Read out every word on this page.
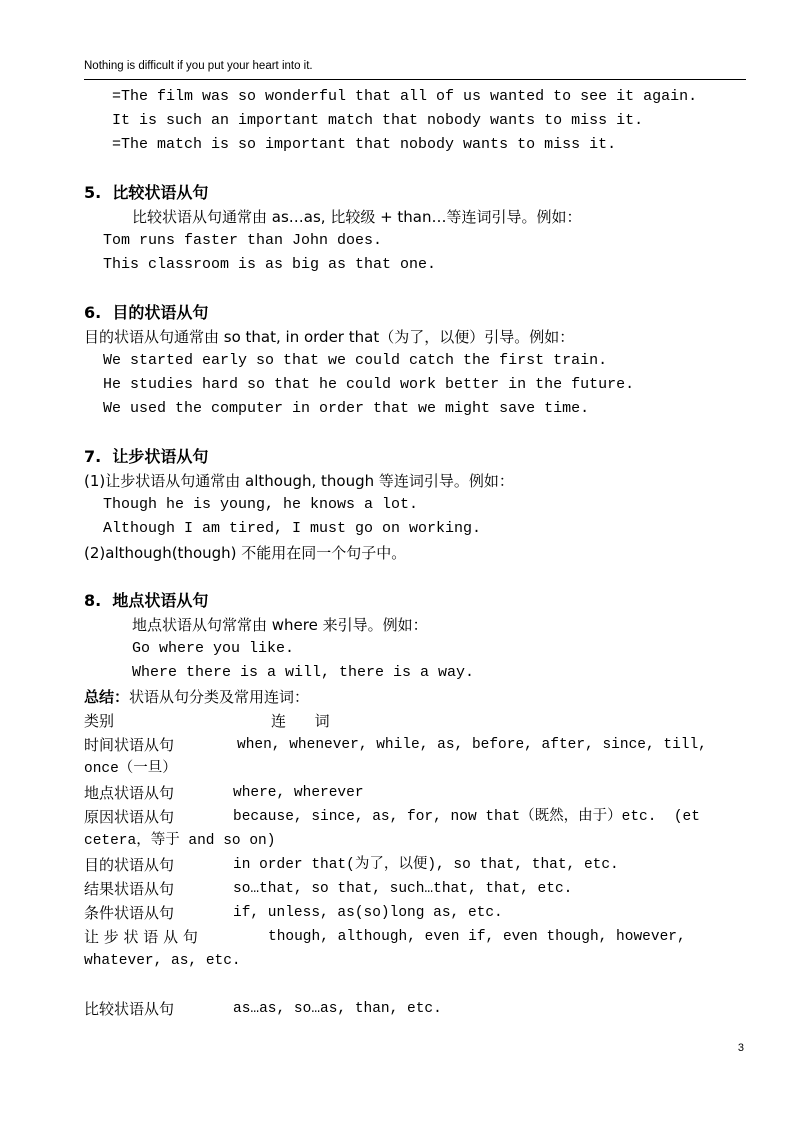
Nothing is difficult if you put your heart into it.
=The film was so wonderful that all of us wanted to see it again.
It is such an important match that nobody wants to miss it.
=The match is so important that nobody wants to miss it.
5.  比较状语从句
比较状语从句通常由 as…as, 比较级 + than…等连词引导。例如：
Tom runs faster than John does.
This classroom is as big as that one.
6.  目的状语从句
目的状语从句通常由 so that, in order that（为了，以便）引导。例如：
We started early so that we could catch the first train.
He studies hard so that he could work better in the future.
We used the computer in order that we might save time.
7.  让步状语从句
(1)让步状语从句通常由 although, though 等连词引导。例如：
Though he is young, he knows a lot.
Although I am tired, I must go on working.
(2)although(though) 不能用在同一个句子中。
8.  地点状语从句
地点状语从句常常由 where 来引导。例如：
Go where you like.
Where there is a will, there is a way.
总结：状语从句分类及常用连词：
类别	连      词
时间状语从句	when, whenever, while, as, before, after, since, till,
once（一旦）
地点状语从句	where, wherever
原因状语从句	because, since, as, for, now that（既然，由于）etc.  (et
cetera，等于 and so on)
目的状语从句	in order that(为了，以便), so that, that, etc.
结果状语从句	so…that, so that, such…that, that, etc.
条件状语从句	if, unless, as(so)long as, etc.
让 步 状 语 从 句	though, although, even if, even though, however,
whatever, as, etc.
比较状语从句	as…as, so…as, than, etc.
3
